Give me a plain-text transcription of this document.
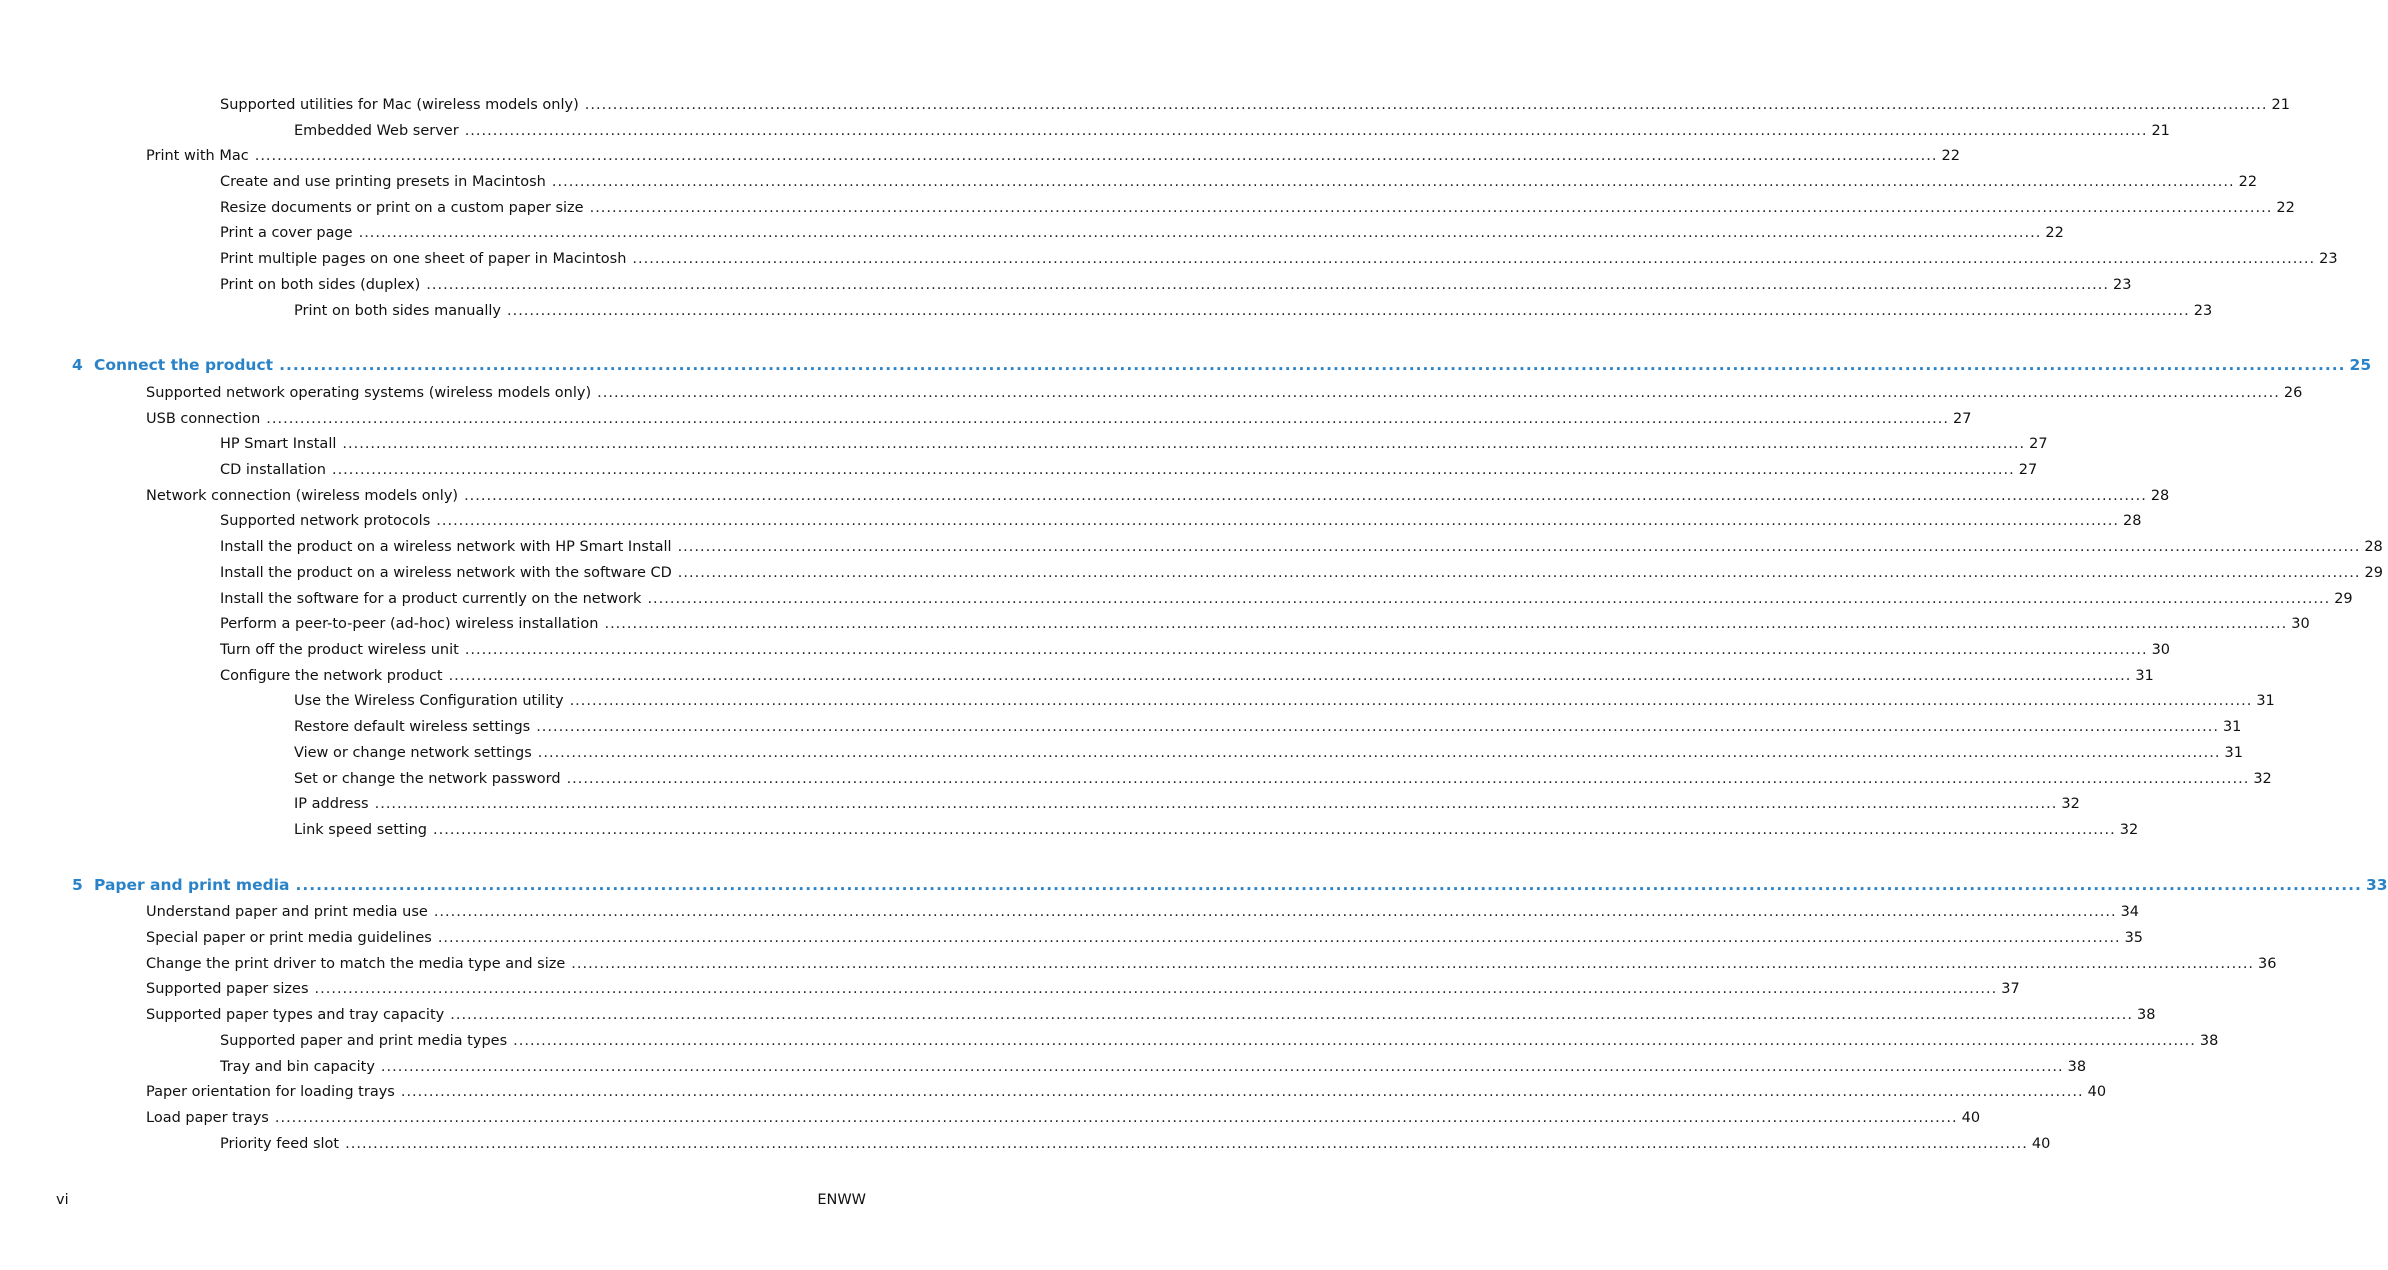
Supported utilities for Mac (wireless models only) ............................................................................................................................................................................................................................................................................................................ 21
Embedded Web server ............................................................................................................................................................................................................................................................................................................ 21
Print with Mac ............................................................................................................................................................................................................................................................................................................ 22
Create and use printing presets in Macintosh ............................................................................................................................................................................................................................................................................................................ 22
Resize documents or print on a custom paper size ............................................................................................................................................................................................................................................................................................................ 22
Print a cover page ............................................................................................................................................................................................................................................................................................................ 22
Print multiple pages on one sheet of paper in Macintosh ............................................................................................................................................................................................................................................................................................................ 23
Print on both sides (duplex) ............................................................................................................................................................................................................................................................................................................ 23
Print on both sides manually ............................................................................................................................................................................................................................................................................................................ 23
4 Connect the product ............................................................................................................................................................................................................................................................................................................ 25
Supported network operating systems (wireless models only) ............................................................................................................................................................................................................................................................................................................ 26
USB connection ............................................................................................................................................................................................................................................................................................................ 27
HP Smart Install ............................................................................................................................................................................................................................................................................................................ 27
CD installation ............................................................................................................................................................................................................................................................................................................ 27
Network connection (wireless models only) ............................................................................................................................................................................................................................................................................................................ 28
Supported network protocols ............................................................................................................................................................................................................................................................................................................ 28
Install the product on a wireless network with HP Smart Install ............................................................................................................................................................................................................................................................................................................ 28
Install the product on a wireless network with the software CD ............................................................................................................................................................................................................................................................................................................ 29
Install the software for a product currently on the network ............................................................................................................................................................................................................................................................................................................ 29
Perform a peer-to-peer (ad-hoc) wireless installation ............................................................................................................................................................................................................................................................................................................ 30
Turn off the product wireless unit ............................................................................................................................................................................................................................................................................................................ 30
Configure the network product ............................................................................................................................................................................................................................................................................................................ 31
Use the Wireless Configuration utility ............................................................................................................................................................................................................................................................................................................ 31
Restore default wireless settings ............................................................................................................................................................................................................................................................................................................ 31
View or change network settings ............................................................................................................................................................................................................................................................................................................ 31
Set or change the network password ............................................................................................................................................................................................................................................................................................................ 32
IP address ............................................................................................................................................................................................................................................................................................................ 32
Link speed setting ............................................................................................................................................................................................................................................................................................................ 32
5 Paper and print media ............................................................................................................................................................................................................................................................................................................ 33
Understand paper and print media use ............................................................................................................................................................................................................................................................................................................ 34
Special paper or print media guidelines ............................................................................................................................................................................................................................................................................................................ 35
Change the print driver to match the media type and size ............................................................................................................................................................................................................................................................................................................ 36
Supported paper sizes ............................................................................................................................................................................................................................................................................................................ 37
Supported paper types and tray capacity ............................................................................................................................................................................................................................................................................................................ 38
Supported paper and print media types ............................................................................................................................................................................................................................................................................................................ 38
Tray and bin capacity ............................................................................................................................................................................................................................................................................................................ 38
Paper orientation for loading trays ............................................................................................................................................................................................................................................................................................................ 40
Load paper trays ............................................................................................................................................................................................................................................................................................................ 40
Priority feed slot ............................................................................................................................................................................................................................................................................................................ 40
vi	ENWW
